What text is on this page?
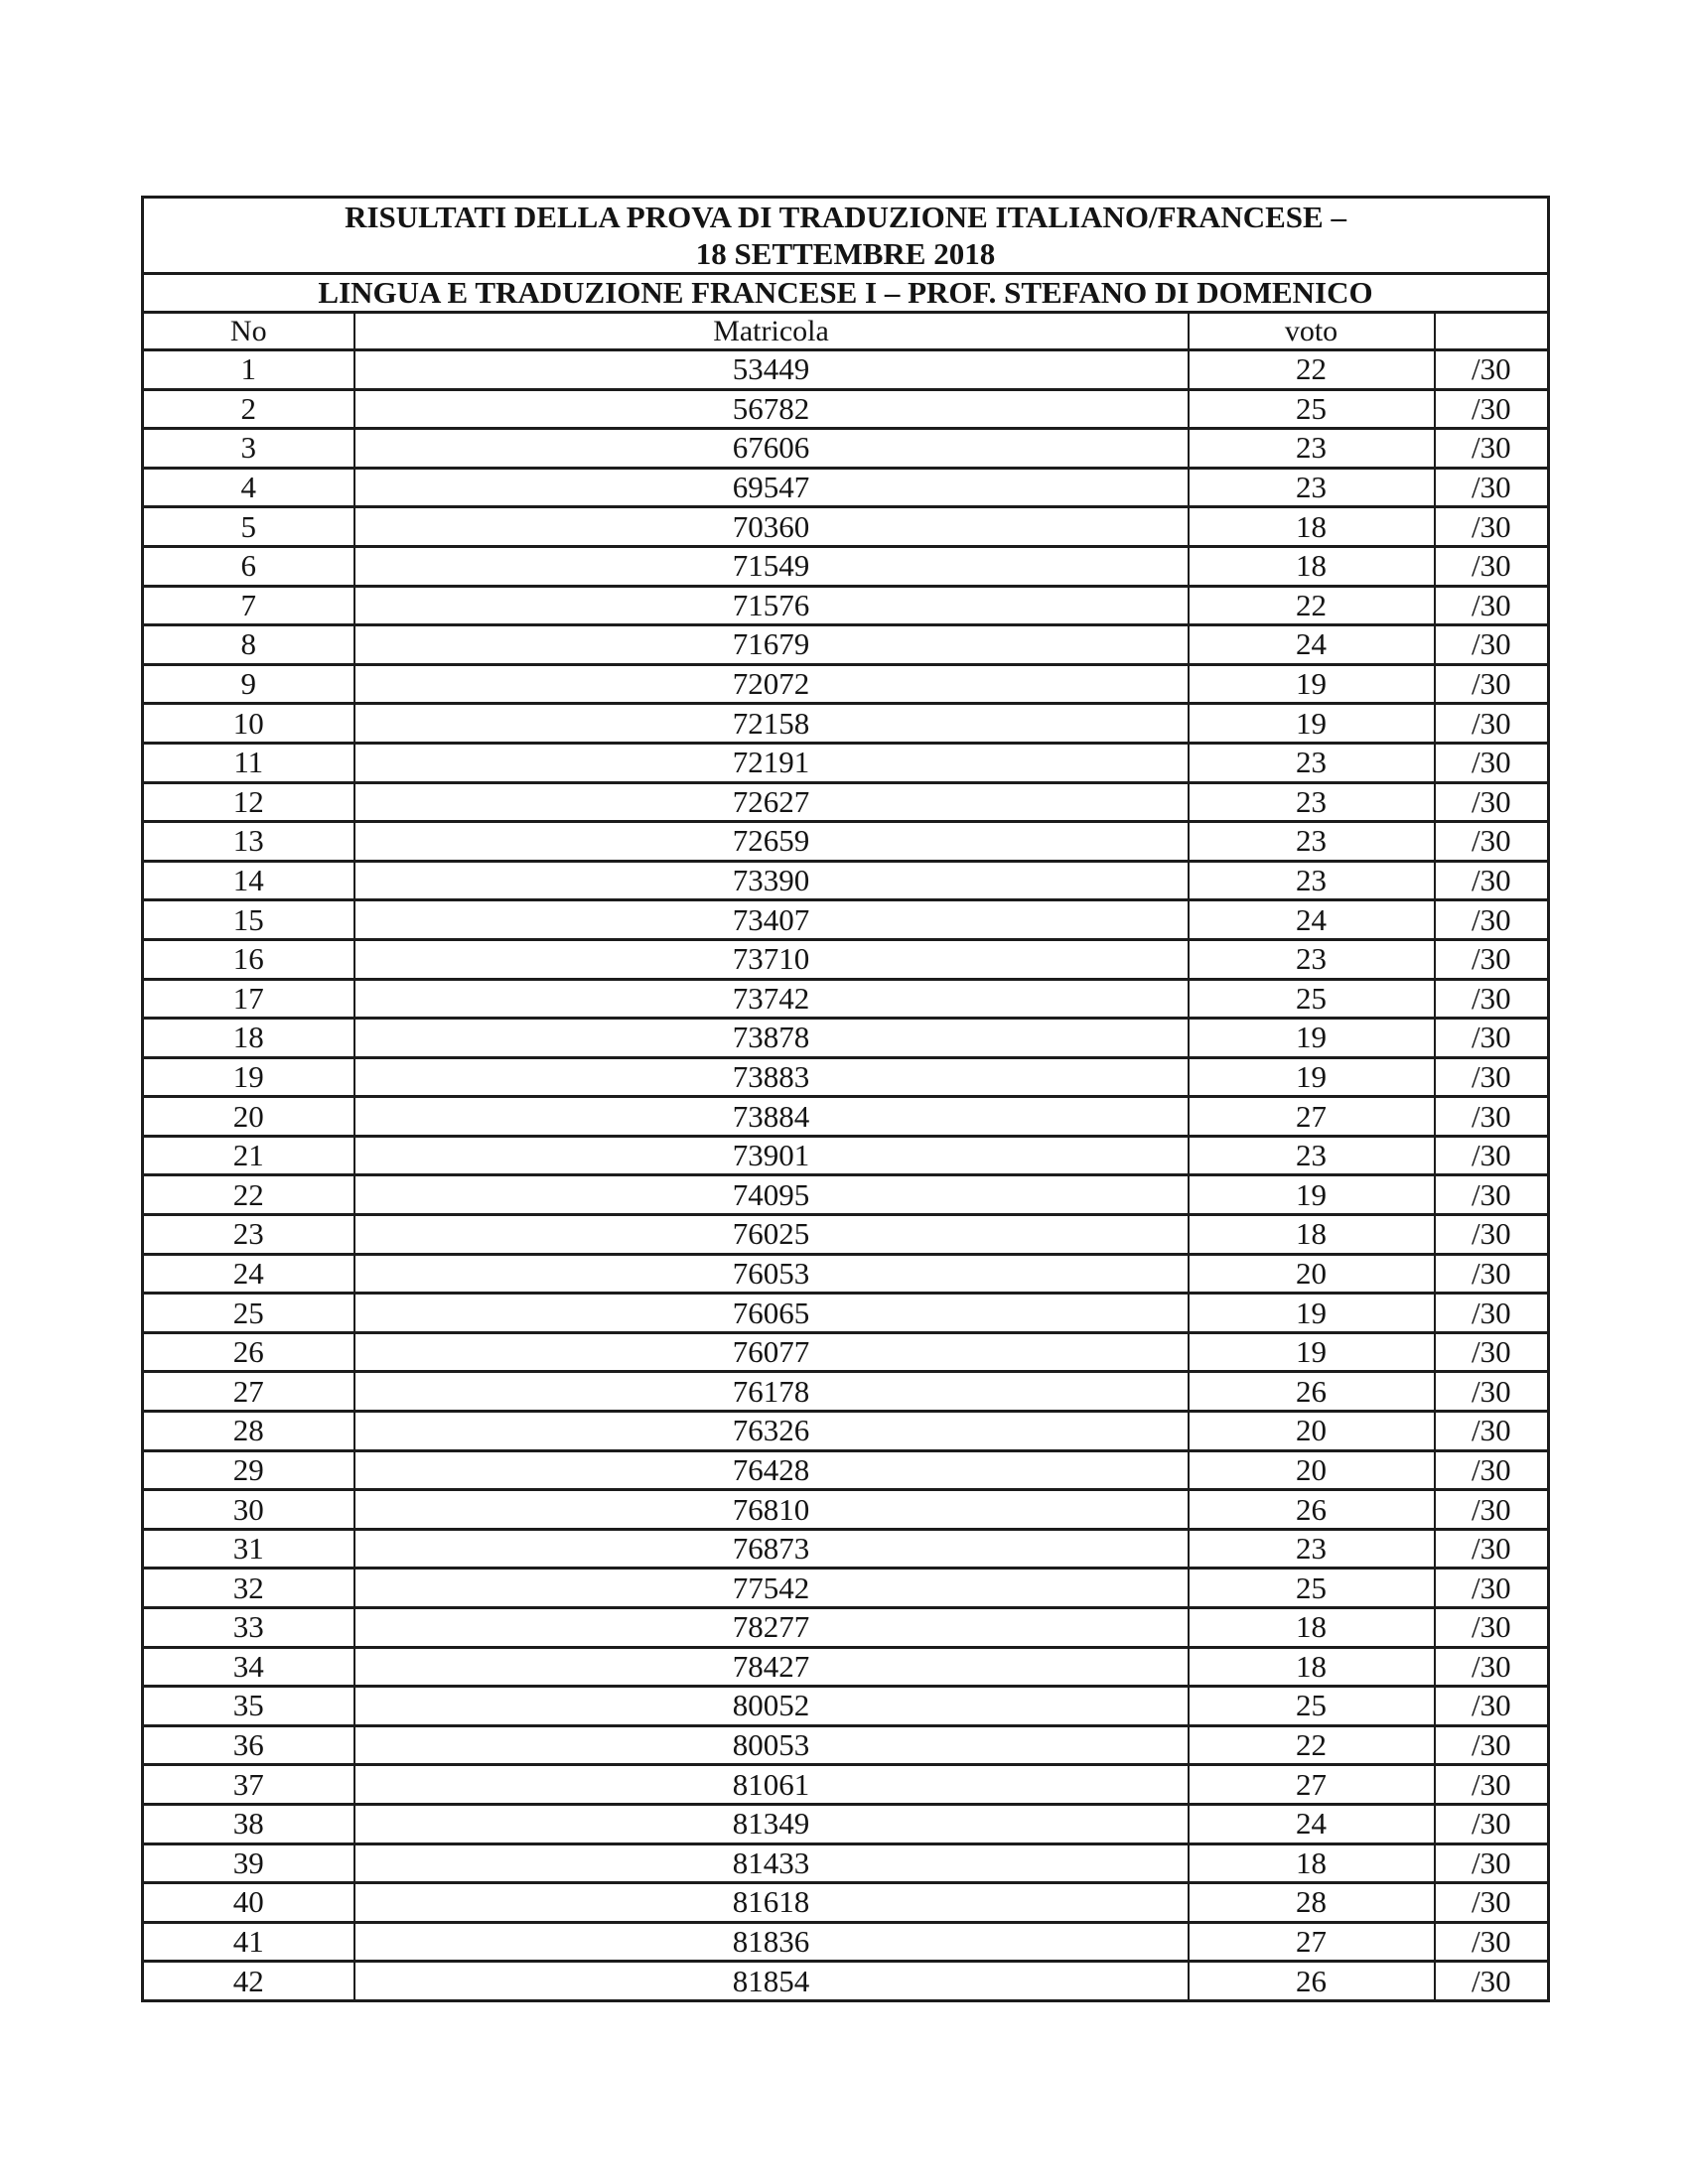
RISULTATI DELLA PROVA DI TRADUZIONE ITALIANO/FRANCESE –
18 SETTEMBRE 2018			

LINGUA E TRADUZIONE FRANCESE I – PROF. STEFANO DI DOMENICO			
No	Matricola	voto	
1	53449	22	/30
2	56782	25	/30
3	67606	23	/30
4	69547	23	/30
5	70360	18	/30
6	71549	18	/30
7	71576	22	/30
8	71679	24	/30
9	72072	19	/30
10	72158	19	/30
11	72191	23	/30
12	72627	23	/30
13	72659	23	/30
14	73390	23	/30
15	73407	24	/30
16	73710	23	/30
17	73742	25	/30
18	73878	19	/30
19	73883	19	/30
20	73884	27	/30
21	73901	23	/30
22	74095	19	/30
23	76025	18	/30
24	76053	20	/30
25	76065	19	/30
26	76077	19	/30
27	76178	26	/30
28	76326	20	/30
29	76428	20	/30
30	76810	26	/30
31	76873	23	/30
32	77542	25	/30
33	78277	18	/30
34	78427	18	/30
35	80052	25	/30
36	80053	22	/30
37	81061	27	/30
38	81349	24	/30
39	81433	18	/30
40	81618	28	/30
41	81836	27	/30
42	81854	26	/30
